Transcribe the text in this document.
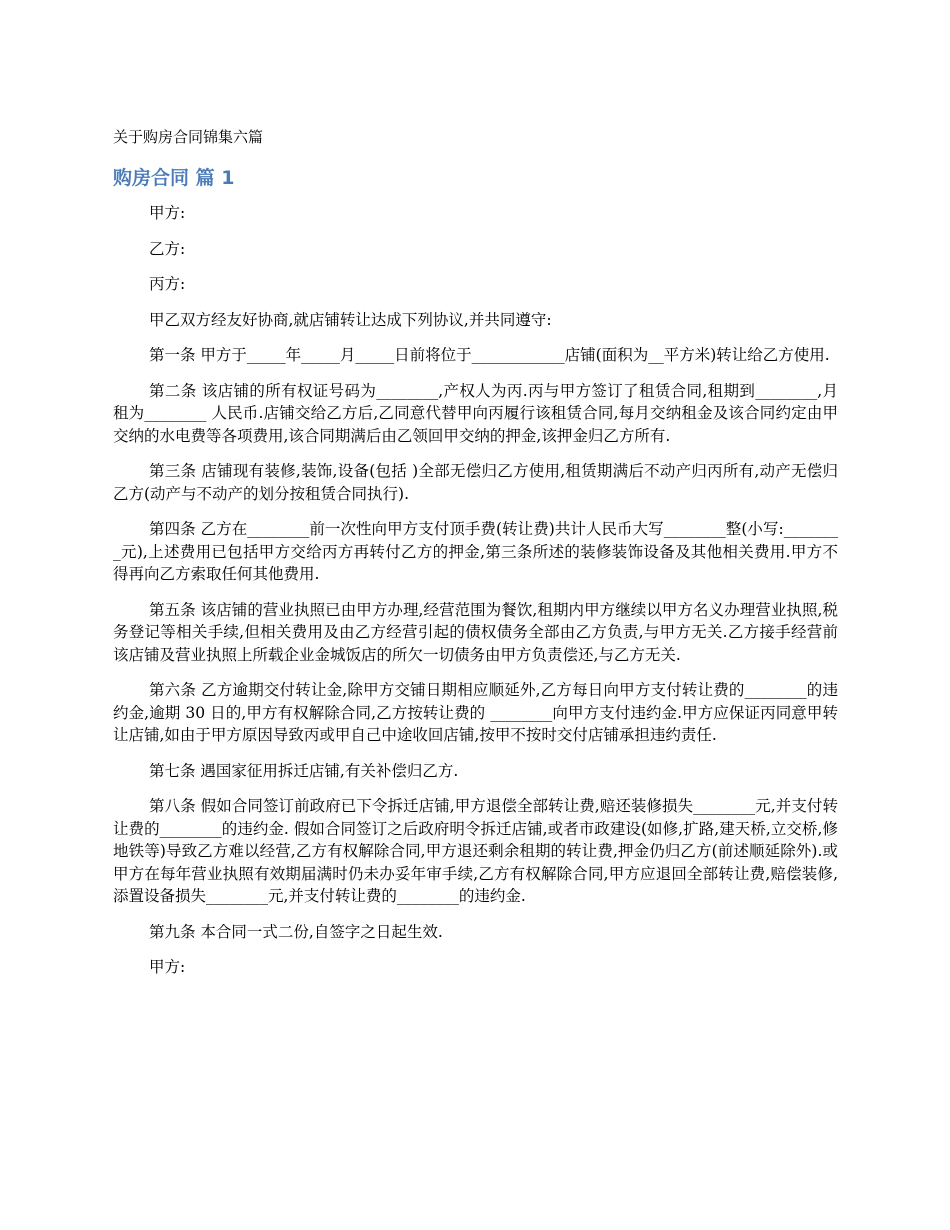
关于购房合同锦集六篇
购房合同 篇 1

甲方:

乙方:

丙方:

甲乙双方经友好协商,就店铺转让达成下列协议,并共同遵守:

第一条 甲方于_____年_____月_____日前将位于____________店铺(面积为__平方米)转让给乙方使用.

第二条 该店铺的所有权证号码为________,产权人为丙.丙与甲方签订了租赁合同,租期到________,月租为________ 人民币.店铺交给乙方后,乙同意代替甲向丙履行该租赁合同,每月交纳租金及该合同约定由甲交纳的水电费等各项费用,该合同期满后由乙领回甲交纳的押金,该押金归乙方所有.

第三条 店铺现有装修,装饰,设备(包括 )全部无偿归乙方使用,租赁期满后不动产归丙所有,动产无偿归乙方(动产与不动产的划分按租赁合同执行).

第四条 乙方在________前一次性向甲方支付顶手费(转让费)共计人民币大写________整(小写:________元),上述费用已包括甲方交给丙方再转付乙方的押金,第三条所述的装修装饰设备及其他相关费用.甲方不得再向乙方索取任何其他费用.

第五条 该店铺的营业执照已由甲方办理,经营范围为餐饮,租期内甲方继续以甲方名义办理营业执照,税务登记等相关手续,但相关费用及由乙方经营引起的债权债务全部由乙方负责,与甲方无关.乙方接手经营前该店铺及营业执照上所载企业金城饭店的所欠一切债务由甲方负责偿还,与乙方无关.

第六条 乙方逾期交付转让金,除甲方交铺日期相应顺延外,乙方每日向甲方支付转让费的________的违约金,逾期 30 日的,甲方有权解除合同,乙方按转让费的 ________向甲方支付违约金.甲方应保证丙同意甲转让店铺,如由于甲方原因导致丙或甲自己中途收回店铺,按甲不按时交付店铺承担违约责任.

第七条 遇国家征用拆迁店铺,有关补偿归乙方.

第八条 假如合同签订前政府已下令拆迁店铺,甲方退偿全部转让费,赔还装修损失________元,并支付转让费的________的违约金. 假如合同签订之后政府明令拆迁店铺,或者市政建设(如修,扩路,建天桥,立交桥,修地铁等)导致乙方难以经营,乙方有权解除合同,甲方退还剩余租期的转让费,押金仍归乙方(前述顺延除外).或甲方在每年营业执照有效期届满时仍未办妥年审手续,乙方有权解除合同,甲方应退回全部转让费,赔偿装修,添置设备损失________元,并支付转让费的________的违约金.

第九条 本合同一式二份,自签字之日起生效.

甲方:
